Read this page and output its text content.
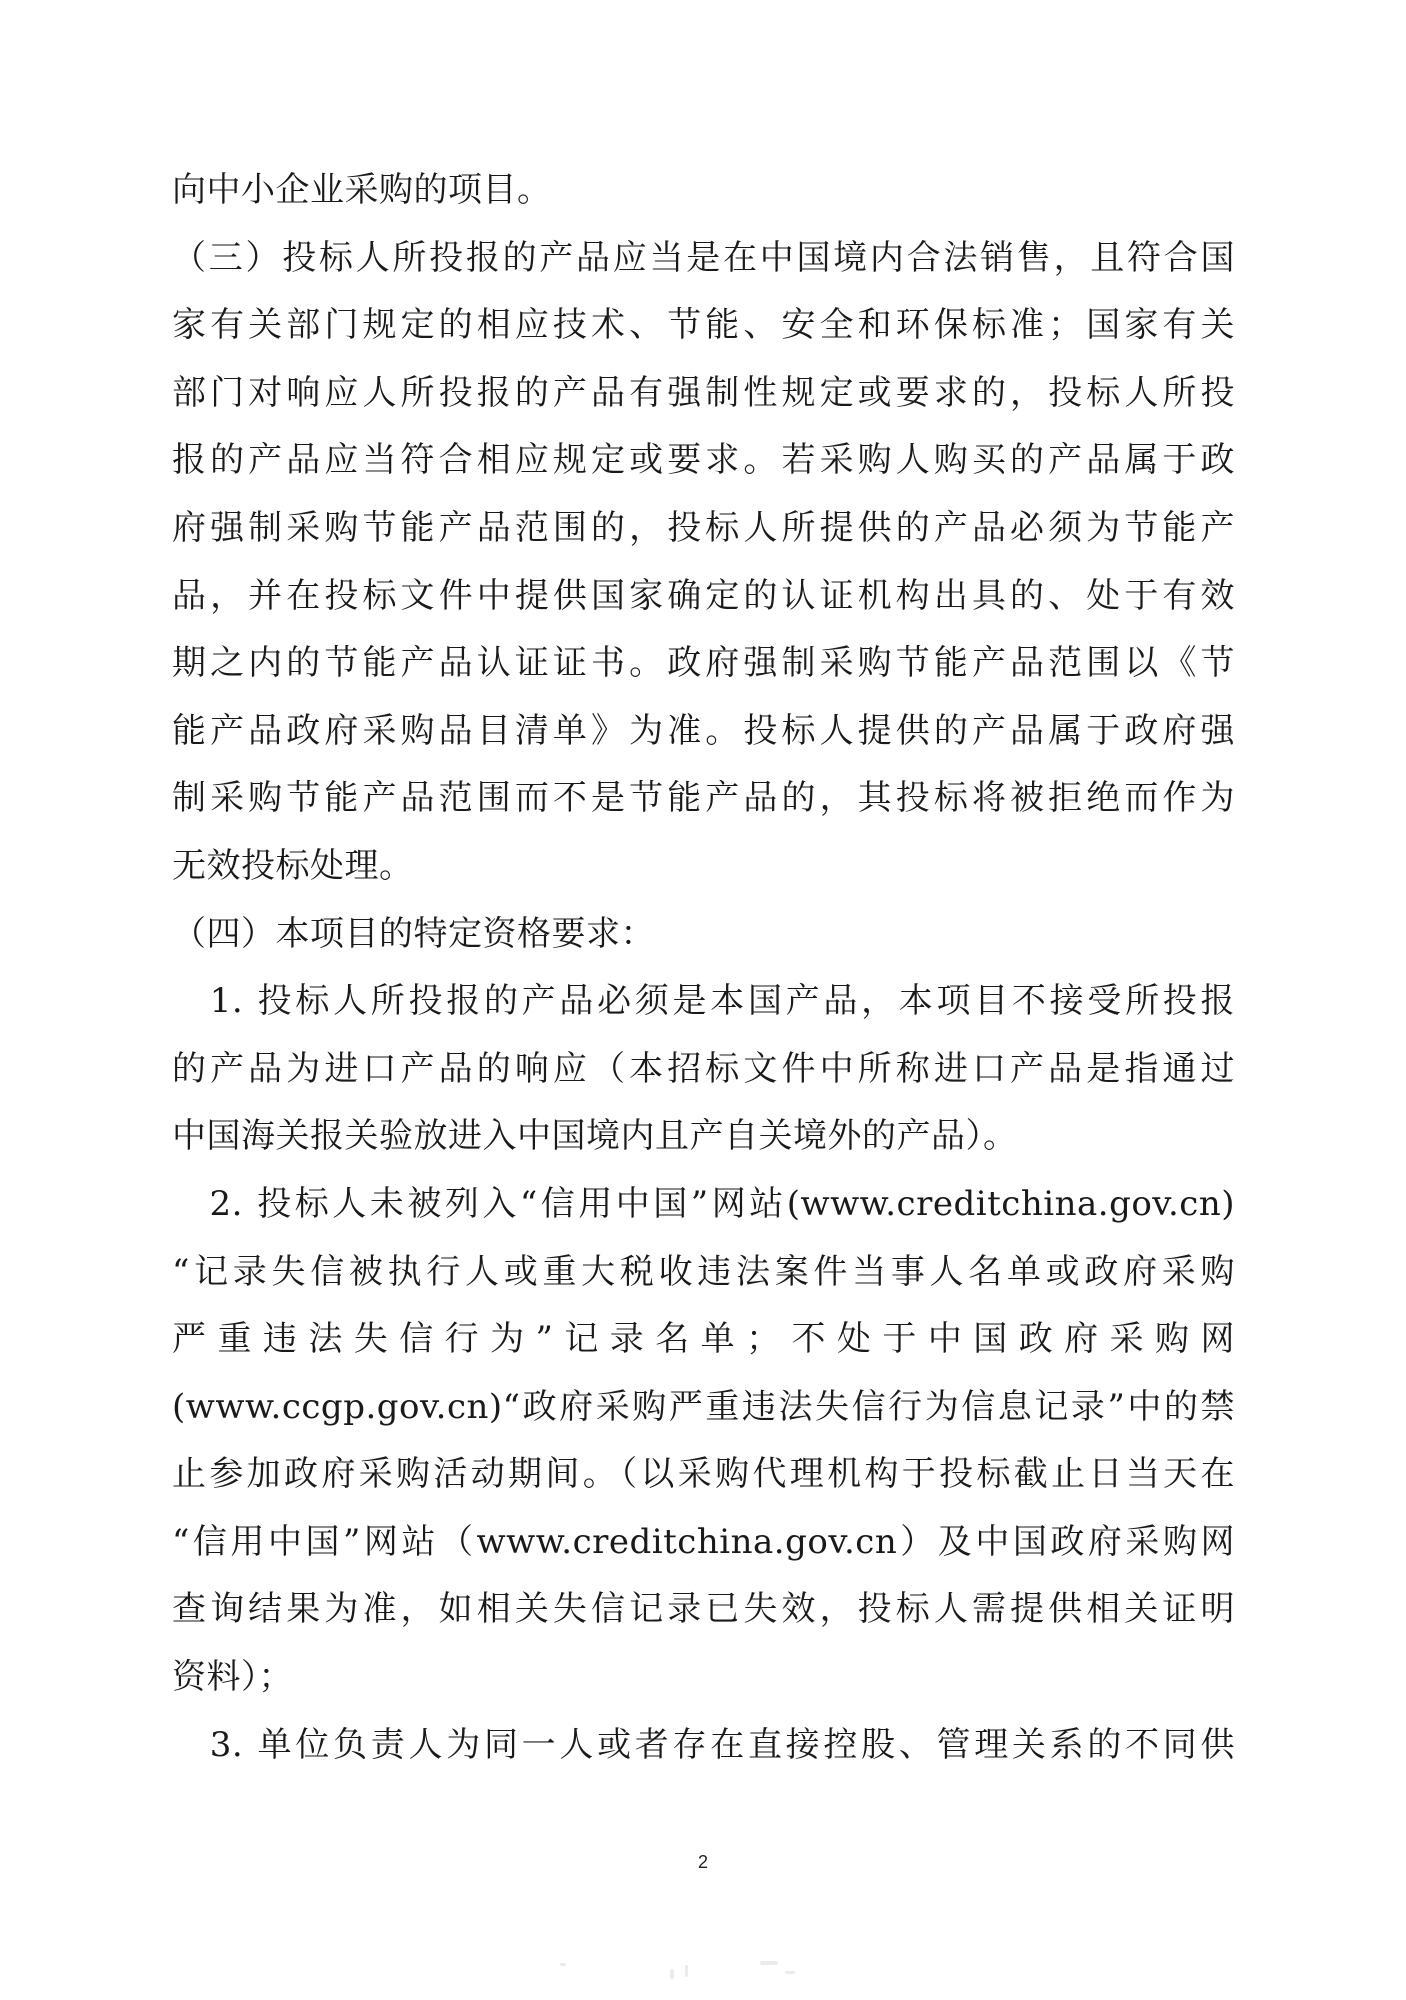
向中小企业采购的项目。
（三）投标人所投报的产品应当是在中国境内合法销售，且符合国
家有关部门规定的相应技术、节能、安全和环保标准；国家有关
部门对响应人所投报的产品有强制性规定或要求的，投标人所投
报的产品应当符合相应规定或要求。若采购人购买的产品属于政
府强制采购节能产品范围的，投标人所提供的产品必须为节能产
品，并在投标文件中提供国家确定的认证机构出具的、处于有效
期之内的节能产品认证证书。政府强制采购节能产品范围以《节
能产品政府采购品目清单》为准。投标人提供的产品属于政府强
制采购节能产品范围而不是节能产品的，其投标将被拒绝而作为
无效投标处理。
（四）本项目的特定资格要求：
　1. 投标人所投报的产品必须是本国产品，本项目不接受所投报
的产品为进口产品的响应（本招标文件中所称进口产品是指通过
中国海关报关验放进入中国境内且产自关境外的产品）。
　2. 投标人未被列入“信用中国”网站(www.creditchina.gov.cn)
“记录失信被执行人或重大税收违法案件当事人名单或政府采购
严重违法失信行为”记录名单；不处于中国政府采购网
(www.ccgp.gov.cn)“政府采购严重违法失信行为信息记录”中的禁
止参加政府采购活动期间。（以采购代理机构于投标截止日当天在
“信用中国”网站（www.creditchina.gov.cn）及中国政府采购网
查询结果为准，如相关失信记录已失效，投标人需提供相关证明
资料）；
　3. 单位负责人为同一人或者存在直接控股、管理关系的不同供
2
